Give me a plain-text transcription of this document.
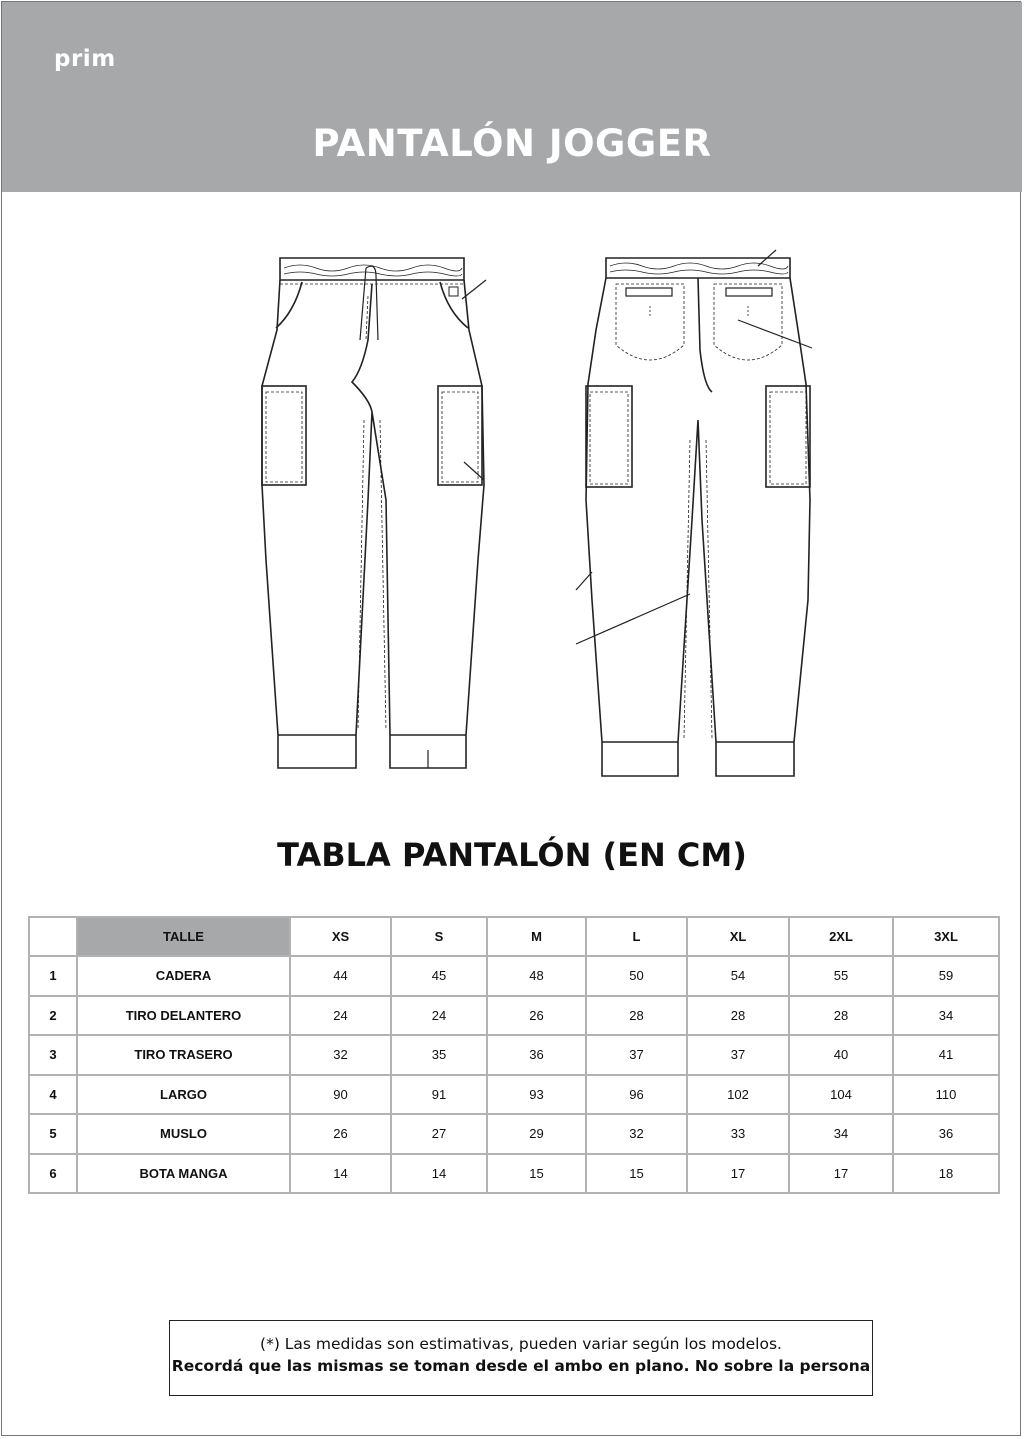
prim
PANTALÓN JOGGER
TABLA PANTALÓN (EN CM)
	TALLE	XS	S	M	L	XL	2XL	3XL
1	CADERA	44	45	48	50	54	55	59
2	TIRO DELANTERO	24	24	26	28	28	28	34
3	TIRO TRASERO	32	35	36	37	37	40	41
4	LARGO	90	91	93	96	102	104	110
5	MUSLO	26	27	29	32	33	34	36
6	BOTA MANGA	14	14	15	15	17	17	18
(*) Las medidas son estimativas, pueden variar según los modelos.
Recordá que las mismas se toman desde el ambo en plano. No sobre la persona
